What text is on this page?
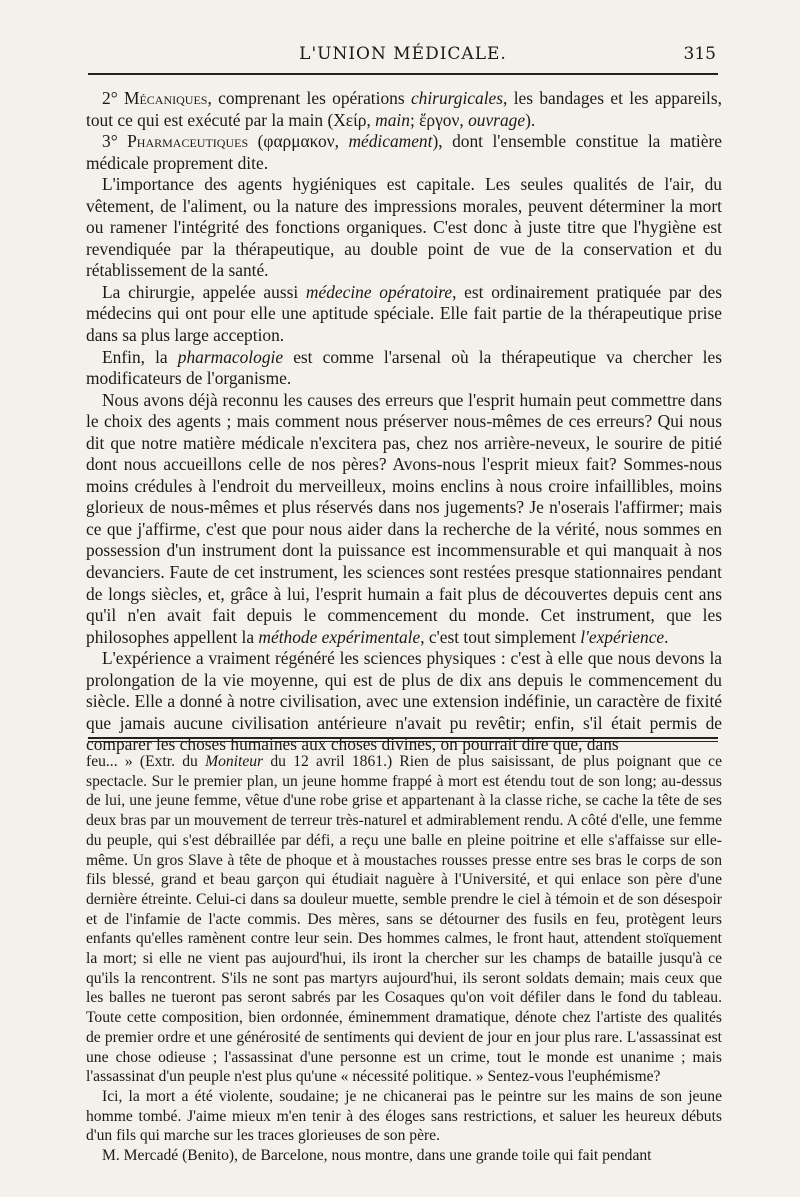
L'UNION MÉDICALE.	315

2° Mécaniques, comprenant les opérations chirurgicales, les bandages et les appareils, tout ce qui est exécuté par la main (Χείρ, main; ἔργον, ouvrage).

3° Pharmaceutiques (φαρμακον, médicament), dont l'ensemble constitue la matière médicale proprement dite.

L'importance des agents hygiéniques est capitale. Les seules qualités de l'air, du vêtement, de l'aliment, ou la nature des impressions morales, peuvent déterminer la mort ou ramener l'intégrité des fonctions organiques. C'est donc à juste titre que l'hygiène est revendiquée par la thérapeutique, au double point de vue de la conservation et du rétablissement de la santé.

La chirurgie, appelée aussi médecine opératoire, est ordinairement pratiquée par des médecins qui ont pour elle une aptitude spéciale. Elle fait partie de la thérapeutique prise dans sa plus large acception.

Enfin, la pharmacologie est comme l'arsenal où la thérapeutique va chercher les modificateurs de l'organisme.

Nous avons déjà reconnu les causes des erreurs que l'esprit humain peut commettre dans le choix des agents ; mais comment nous préserver nous-mêmes de ces erreurs? Qui nous dit que notre matière médicale n'excitera pas, chez nos arrière-neveux, le sourire de pitié dont nous accueillons celle de nos pères? Avons-nous l'esprit mieux fait? Sommes-nous moins crédules à l'endroit du merveilleux, moins enclins à nous croire infaillibles, moins glorieux de nous-mêmes et plus réservés dans nos jugements? Je n'oserais l'affirmer; mais ce que j'affirme, c'est que pour nous aider dans la recherche de la vérité, nous sommes en possession d'un instrument dont la puissance est incommensurable et qui manquait à nos devanciers. Faute de cet instrument, les sciences sont restées presque stationnaires pendant de longs siècles, et, grâce à lui, l'esprit humain a fait plus de découvertes depuis cent ans qu'il n'en avait fait depuis le commencement du monde. Cet instrument, que les philosophes appellent la méthode expérimentale, c'est tout simplement l'expérience.

L'expérience a vraiment régénéré les sciences physiques : c'est à elle que nous devons la prolongation de la vie moyenne, qui est de plus de dix ans depuis le commencement du siècle. Elle a donné à notre civilisation, avec une extension indéfinie, un caractère de fixité que jamais aucune civilisation antérieure n'avait pu revêtir; enfin, s'il était permis de comparer les choses humaines aux choses divines, on pourrait dire que, dans

feu... » (Extr. du Moniteur du 12 avril 1861.) Rien de plus saisissant, de plus poignant que ce spectacle. Sur le premier plan, un jeune homme frappé à mort est étendu tout de son long; au-dessus de lui, une jeune femme, vêtue d'une robe grise et appartenant à la classe riche, se cache la tête de ses deux bras par un mouvement de terreur très-naturel et admirablement rendu. A côté d'elle, une femme du peuple, qui s'est débraillée par défi, a reçu une balle en pleine poitrine et elle s'affaisse sur elle-même. Un gros Slave à tête de phoque et à moustaches rousses presse entre ses bras le corps de son fils blessé, grand et beau garçon qui étudiait naguère à l'Université, et qui enlace son père d'une dernière étreinte. Celui-ci dans sa douleur muette, semble prendre le ciel à témoin et de son désespoir et de l'infamie de l'acte commis. Des mères, sans se détourner des fusils en feu, protègent leurs enfants qu'elles ramènent contre leur sein. Des hommes calmes, le front haut, attendent stoïquement la mort; si elle ne vient pas aujourd'hui, ils iront la chercher sur les champs de bataille jusqu'à ce qu'ils la rencontrent. S'ils ne sont pas martyrs aujourd'hui, ils seront soldats demain; mais ceux que les balles ne tueront pas seront sabrés par les Cosaques qu'on voit défiler dans le fond du tableau. Toute cette composition, bien ordonnée, éminemment dramatique, dénote chez l'artiste des qualités de premier ordre et une générosité de sentiments qui devient de jour en jour plus rare. L'assassinat est une chose odieuse ; l'assassinat d'une personne est un crime, tout le monde est unanime ; mais l'assassinat d'un peuple n'est plus qu'une « nécessité politique. » Sentez-vous l'euphémisme?

Ici, la mort a été violente, soudaine; je ne chicanerai pas le peintre sur les mains de son jeune homme tombé. J'aime mieux m'en tenir à des éloges sans restrictions, et saluer les heureux débuts d'un fils qui marche sur les traces glorieuses de son père.

M. Mercadé (Benito), de Barcelone, nous montre, dans une grande toile qui fait pendant
